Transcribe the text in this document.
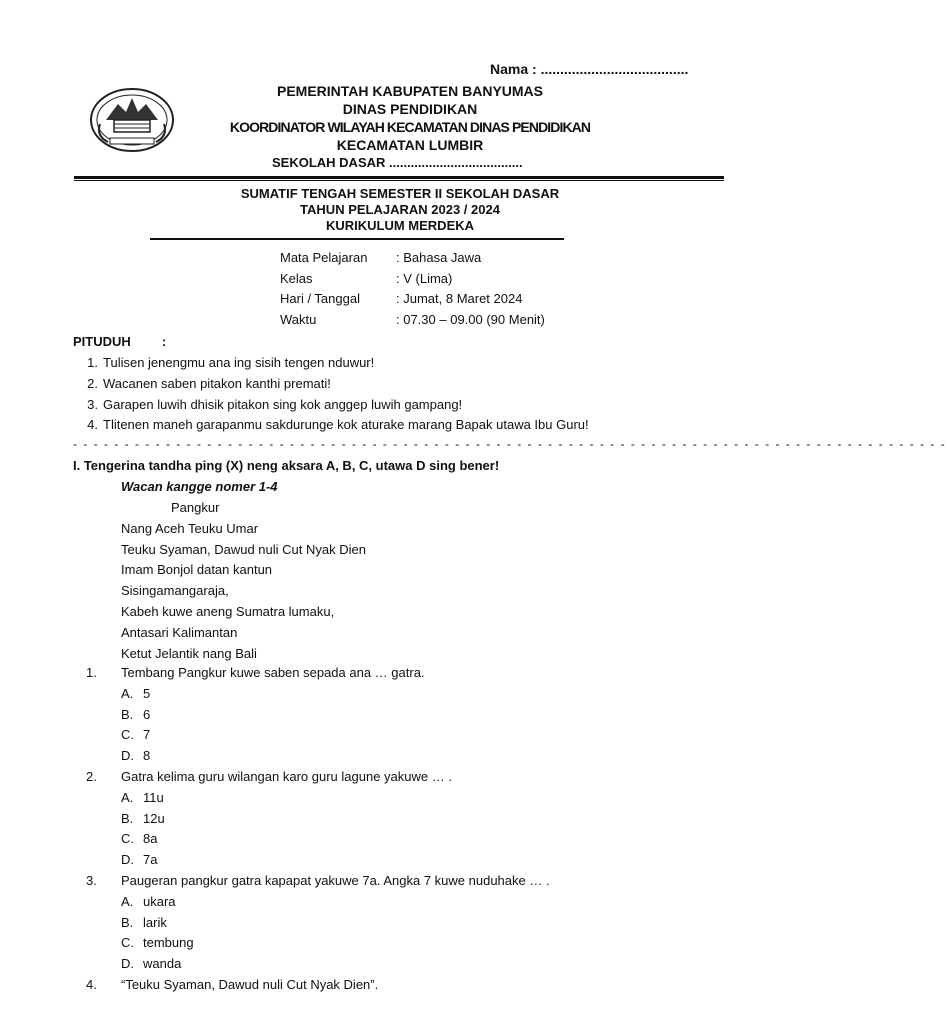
Nama : ......................................
PEMERINTAH KABUPATEN BANYUMAS
DINAS PENDIDIKAN
KOORDINATOR WILAYAH KECAMATAN DINAS PENDIDIKAN
KECAMATAN LUMBIR
SEKOLAH DASAR .....................................
SUMATIF TENGAH SEMESTER II SEKOLAH DASAR
TAHUN PELAJARAN 2023 / 2024
KURIKULUM MERDEKA
Mata Pelajaran	: Bahasa Jawa
Kelas	: V (Lima)
Hari / Tanggal	: Jumat, 8 Maret 2024
Waktu	: 07.30 – 09.00 (90 Menit)
PITUDUH :
1. Tulisen jenengmu ana ing sisih tengen nduwur!
2. Wacanen saben pitakon kanthi premati!
3. Garapen luwih dhisik pitakon sing kok anggep luwih gampang!
4. Tlitenen maneh garapanmu sakdurunge kok aturake marang Bapak utawa Ibu Guru!
- - - - - - - - - - - - - - - - - - - - - - - - - - - - - - - - - - - - - - - - - - - - - - - - - - - - - - - - - - - - - - - - - - - - - - - - - - - - - - - - - - - - -
I. Tengerina tandha ping (X) neng aksara A, B, C, utawa D sing bener!
Wacan kangge nomer 1-4
Pangkur
Nang Aceh Teuku Umar
Teuku Syaman, Dawud nuli Cut Nyak Dien
Imam Bonjol datan kantun
Sisingamangaraja,
Kabeh kuwe aneng Sumatra lumaku,
Antasari Kalimantan
Ketut Jelantik nang Bali
1.	Tembang Pangkur kuwe saben sepada ana … gatra.
A. 5
B. 6
C. 7
D. 8
2.	Gatra kelima guru wilangan karo guru lagune yakuwe … .
A. 11u
B. 12u
C. 8a
D. 7a
3.	Paugeran pangkur gatra kapapat yakuwe 7a. Angka 7 kuwe nuduhake … .
A. ukara
B. larik
C. tembung
D. wanda
4.	“Teuku Syaman, Dawud nuli Cut Nyak Dien”.
